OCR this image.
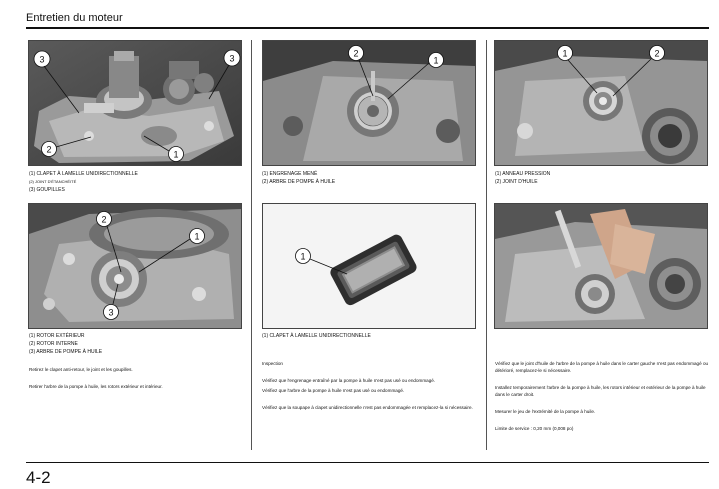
Entretien du moteur
3	3
2	1
(1) CLAPET À LAMELLE UNIDIRECTIONNELLE
(2) JOINT D'ÉTANCHÉITÉ
(3) GOUPILLES
2
1
3
(1) ROTOR EXTÉRIEUR
(2) ROTOR INTERNE
(3) ARBRE DE POMPE À HUILE

Retirez le clapet anti-retour, le joint et les goupilles.

Retirer l'arbre de la pompe à huile, les rotors extérieur et intérieur.

2
1
(1) ENGRENAGE MENÉ
(2) ARBRE DE POMPE À HUILE
1
(1) CLAPET À LAMELLE UNIDIRECTIONNELLE

Inspection

Vérifiez que l'engrenage entraîné par la pompe à huile n'est pas usé ou endommagé.

Vérifiez que l'arbre de la pompe à huile n'est pas usé ou endommagé.

Vérifiez que la soupape à clapet unidirectionnelle n'est pas endommagée et remplacez-la si nécessaire.

1	2
(1) ANNEAU PRESSION
(2) JOINT D'HUILE

Vérifiez que le joint d'huile de l'arbre de la pompe à huile dans le carter gauche n'est pas endommagé ou détérioré, remplacez-le si nécessaire.

Installez temporairement l'arbre de la pompe à huile, les rotors intérieur et extérieur de la pompe à huile dans le carter droit.

Mesurer le jeu de l'extrémité de la pompe à huile.

Limite de service : 0,20 mm (0,008 po)

4-2
